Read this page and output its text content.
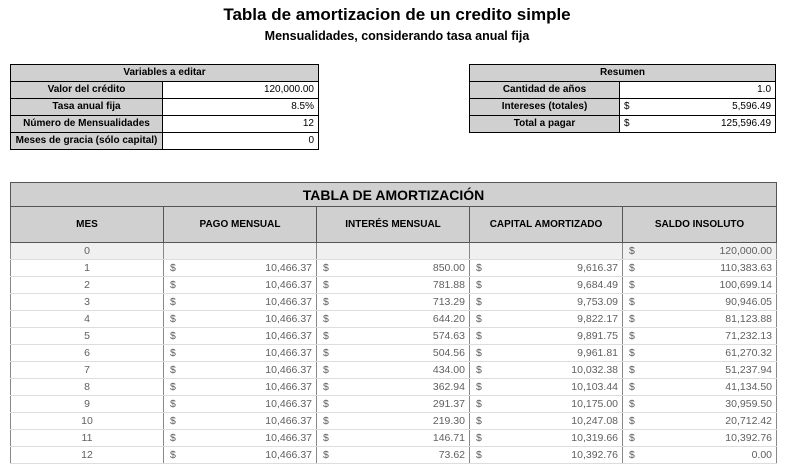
Tabla de amortizacion de un credito simple
Mensualidades, considerando tasa anual fija
Variables a editar	
Valor del crédito	120,000.00
Tasa anual fija	8.5%
Número de Mensualidades	12
Meses de gracia (sólo capital)	0
Resumen		
Cantidad de años		1.0
Intereses (totales)	$	5,596.49
Total a pagar	$	125,596.49
TABLA DE AMORTIZACIÓN				
MES	PAGO MENSUAL	INTERÉS MENSUAL	CAPITAL AMORTIZADO	SALDO INSOLUTO
0				$ 120,000.00

1	$ 10,466.37	$ 850.00	$ 9,616.37	$ 110,383.63

2	$ 10,466.37	$ 781.88	$ 9,684.49	$ 100,699.14

3	$ 10,466.37	$ 713.29	$ 9,753.09	$ 90,946.05

4	$ 10,466.37	$ 644.20	$ 9,822.17	$ 81,123.88

5	$ 10,466.37	$ 574.63	$ 9,891.75	$ 71,232.13

6	$ 10,466.37	$ 504.56	$ 9,961.81	$ 61,270.32

7	$ 10,466.37	$ 434.00	$ 10,032.38	$ 51,237.94

8	$ 10,466.37	$ 362.94	$ 10,103.44	$ 41,134.50

9	$ 10,466.37	$ 291.37	$ 10,175.00	$ 30,959.50

10	$ 10,466.37	$ 219.30	$ 10,247.08	$ 20,712.42

11	$ 10,466.37	$ 146.71	$ 10,319.66	$ 10,392.76

12	$ 10,466.37	$ 73.62	$ 10,392.76	$ 0.00
